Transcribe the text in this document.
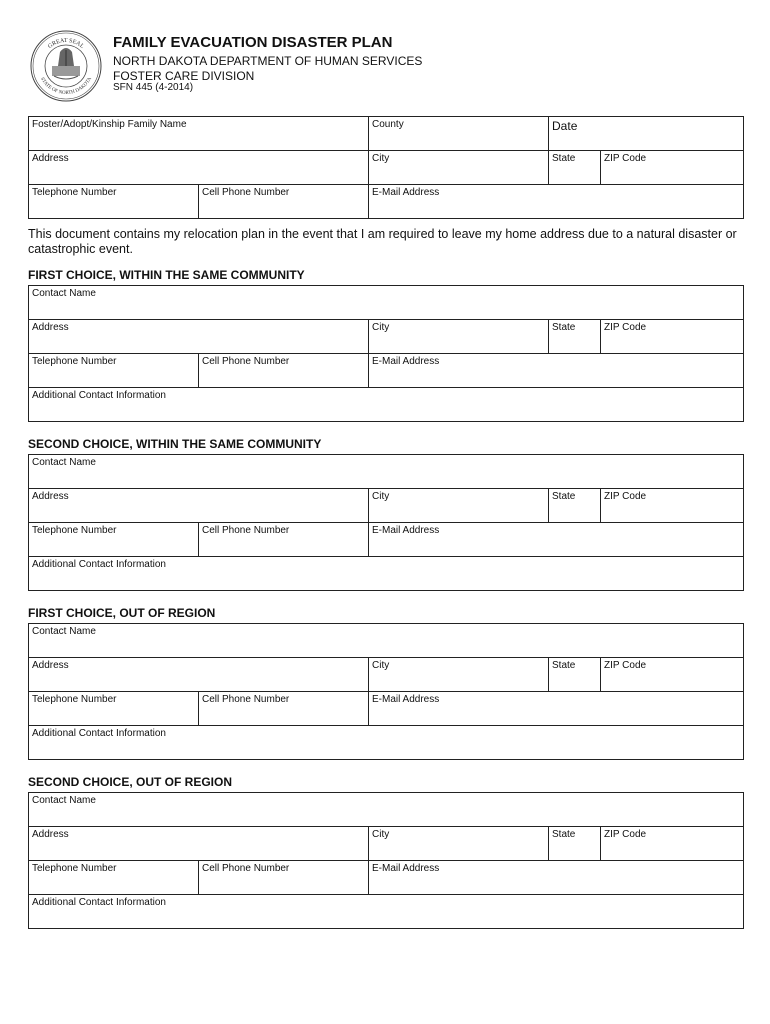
GREAT SEAL
STATE OF NORTH DAKOTA
FAMILY EVACUATION DISASTER PLAN
NORTH DAKOTA DEPARTMENT OF HUMAN SERVICES
FOSTER CARE DIVISION
SFN 445 (4-2014)
Foster/Adopt/Kinship Family Name		County	Date	
Address		City	State	ZIP Code
Telephone Number	Cell Phone Number	E-Mail Address		
This document contains my relocation plan in the event that I am required to leave my home address due to a natural disaster or catastrophic event.
FIRST CHOICE, WITHIN THE SAME COMMUNITY
Contact Name				
Address		City	State	ZIP Code
Telephone Number	Cell Phone Number	E-Mail Address		
Additional Contact Information				
SECOND CHOICE, WITHIN THE SAME COMMUNITY
Contact Name				
Address		City	State	ZIP Code
Telephone Number	Cell Phone Number	E-Mail Address		
Additional Contact Information				
FIRST CHOICE, OUT OF REGION
Contact Name				
Address		City	State	ZIP Code
Telephone Number	Cell Phone Number	E-Mail Address		
Additional Contact Information				
SECOND CHOICE, OUT OF REGION
Contact Name				
Address		City	State	ZIP Code
Telephone Number	Cell Phone Number	E-Mail Address		
Additional Contact Information				
